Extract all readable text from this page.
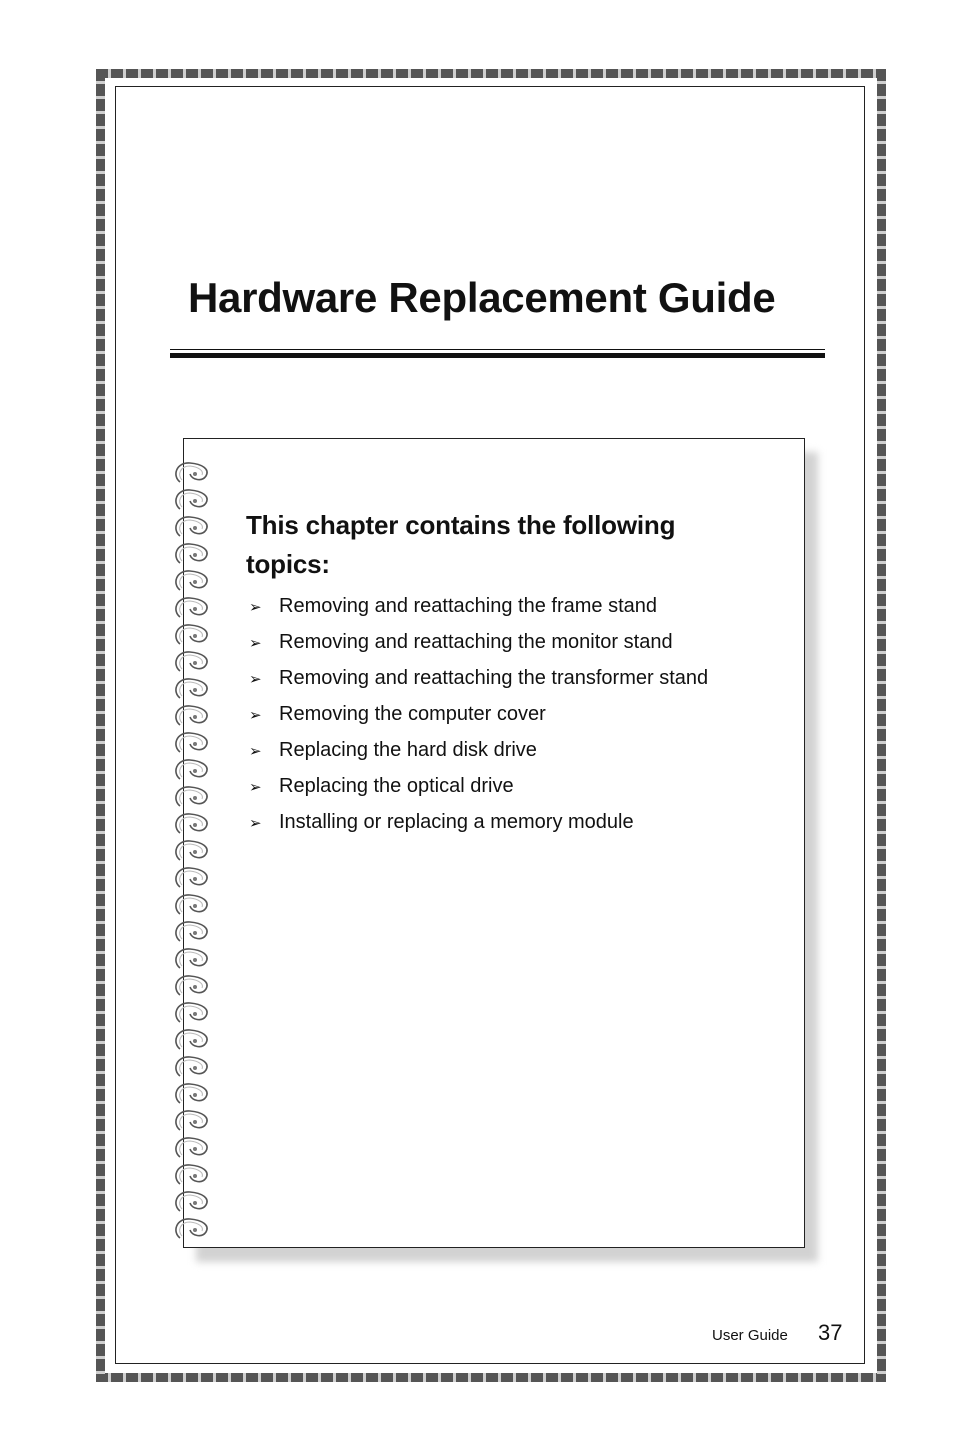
Hardware Replacement Guide
This chapter contains the following topics:
➢ Removing and reattaching the frame stand
➢ Removing and reattaching the monitor stand
➢ Removing and reattaching the transformer stand
➢ Removing the computer cover
➢ Replacing the hard disk drive
➢ Replacing the optical drive
➢ Installing or replacing a memory module
User Guide 37
